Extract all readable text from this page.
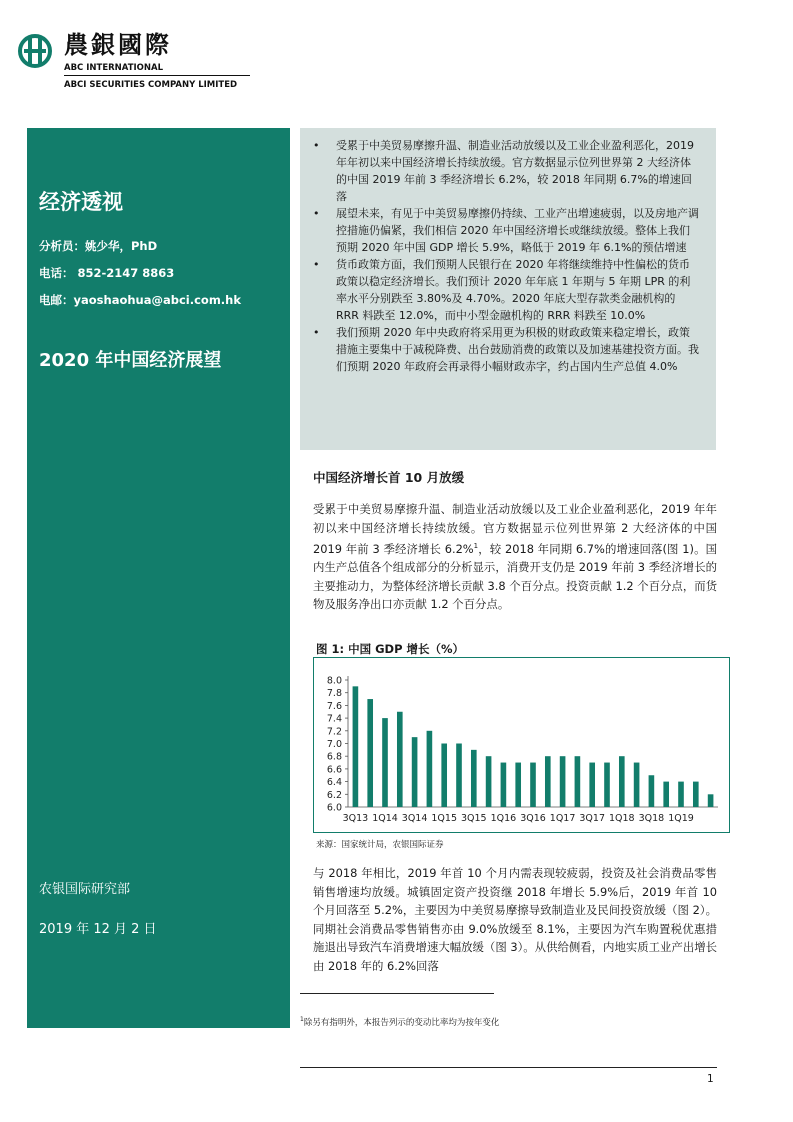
農銀國際
ABC INTERNATIONAL
ABCI SECURITIES COMPANY LIMITED
经济透视
分析员：姚少华，PhD
电话： 852-2147 8863
电邮：yaoshaohua@abci.com.hk
2020 年中国经济展望
农银国际研究部
2019 年 12 月 2 日
• 受累于中美贸易摩擦升温、制造业活动放缓以及工业企业盈利恶化，2019 年年初以来中国经济增长持续放缓。官方数据显示位列世界第 2 大经济体的中国 2019 年前 3 季经济增长 6.2%，较 2018 年同期 6.7%的增速回落
• 展望未来，有见于中美贸易摩擦仍持续、工业产出增速疲弱，以及房地产调控措施仍偏紧，我们相信 2020 年中国经济增长或继续放缓。整体上我们预期 2020 年中国 GDP 增长 5.9%，略低于 2019 年 6.1%的预估增速
• 货币政策方面，我们预期人民银行在 2020 年将继续维持中性偏松的货币政策以稳定经济增长。我们预计 2020 年年底 1 年期与 5 年期 LPR 的利率水平分别跌至 3.80%及 4.70%。2020 年底大型存款类金融机构的 RRR 料跌至 12.0%，而中小型金融机构的 RRR 料跌至 10.0%
• 我们预期 2020 年中央政府将采用更为积极的财政政策来稳定增长，政策措施主要集中于减税降费、出台鼓励消费的政策以及加速基建投资方面。我们预期 2020 年政府会再录得小幅财政赤字，约占国内生产总值 4.0%
中国经济增长首 10 月放缓
受累于中美贸易摩擦升温、制造业活动放缓以及工业企业盈利恶化，2019 年年初以来中国经济增长持续放缓。官方数据显示位列世界第 2 大经济体的中国 2019 年前 3 季经济增长 6.2%$^1$，较 2018 年同期 6.7%的增速回落(图 1)。国内生产总值各个组成部分的分析显示，消费开支仍是 2019 年前 3 季经济增长的主要推动力，为整体经济增长贡献 3.8 个百分点。投资贡献 1.2 个百分点，而货物及服务净出口亦贡献 1.2 个百分点。
图 1: 中国 GDP 增长（%）
8.0
7.8
7.6
7.4
7.2
7.0
6.8
6.6
6.4
6.2
6.0
3Q13 1Q14 3Q14 1Q15 3Q15 1Q16 3Q16 1Q17 3Q17 1Q18 3Q18 1Q19
来源：国家统计局，农银国际证券
与 2018 年相比，2019 年首 10 个月内需表现较疲弱，投资及社会消费品零售销售增速均放缓。城镇固定资产投资继 2018 年增长 5.9%后，2019 年首 10 个月回落至 5.2%，主要因为中美贸易摩擦导致制造业及民间投资放缓（图 2）。同期社会消费品零售销售亦由 9.0%放缓至 8.1%，主要因为汽车购置税优惠措施退出导致汽车消费增速大幅放缓（图 3）。从供给侧看，内地实质工业产出增长由 2018 年的 6.2%回落
$^1$除另有指明外，本报告列示的变动比率均为按年变化
1
